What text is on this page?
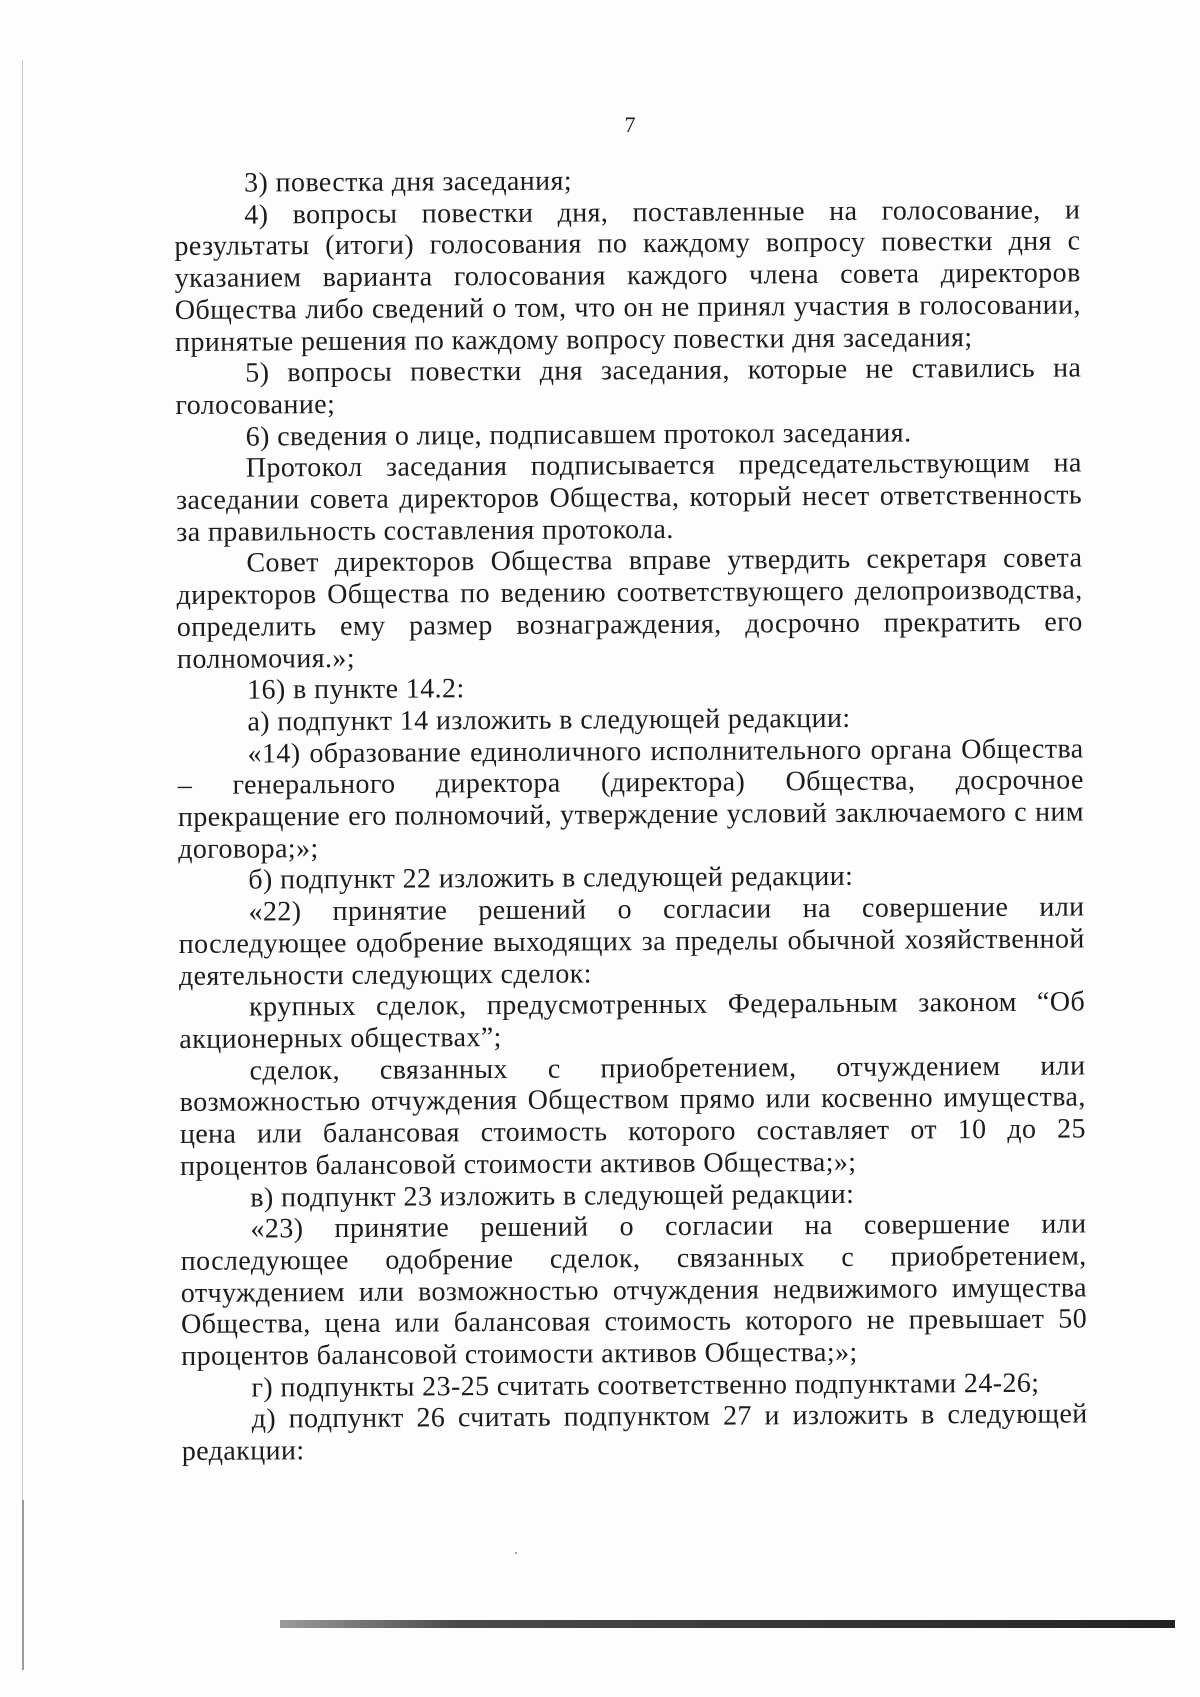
7

3) повестка дня заседания;

4) вопросы повестки дня, поставленные на голосование, и результаты (итоги) голосования по каждому вопросу повестки дня с указанием варианта голосования каждого члена совета директоров Общества либо сведений о том, что он не принял участия в голосовании, принятые решения по каждому вопросу повестки дня заседания;

5) вопросы повестки дня заседания, которые не ставились на голосование;

6) сведения о лице, подписавшем протокол заседания.

Протокол заседания подписывается председательствующим на заседании совета директоров Общества, который несет ответственность за правильность составления протокола.

Совет директоров Общества вправе утвердить секретаря совета директоров Общества по ведению соответствующего делопроизводства, определить ему размер вознаграждения, досрочно прекратить его полномочия.»;

16) в пункте 14.2:

а) подпункт 14 изложить в следующей редакции:

«14) образование единоличного исполнительного органа Общества – генерального директора (директора) Общества, досрочное прекращение его полномочий, утверждение условий заключаемого с ним договора;»;

б) подпункт 22 изложить в следующей редакции:

«22) принятие решений о согласии на совершение или последующее одобрение выходящих за пределы обычной хозяйственной деятельности следующих сделок:

крупных сделок, предусмотренных Федеральным законом “Об акционерных обществах”;

сделок, связанных с приобретением, отчуждением или возможностью отчуждения Обществом прямо или косвенно имущества, цена или балансовая стоимость которого составляет от 10 до 25 процентов балансовой стоимости активов Общества;»;

в) подпункт 23 изложить в следующей редакции:

«23) принятие решений о согласии на совершение или последующее одобрение сделок, связанных с приобретением, отчуждением или возможностью отчуждения недвижимого имущества Общества, цена или балансовая стоимость которого не превышает 50 процентов балансовой стоимости активов Общества;»;

г) подпункты 23-25 считать соответственно подпунктами 24-26;

д) подпункт 26 считать подпунктом 27 и изложить в следующей редакции:
